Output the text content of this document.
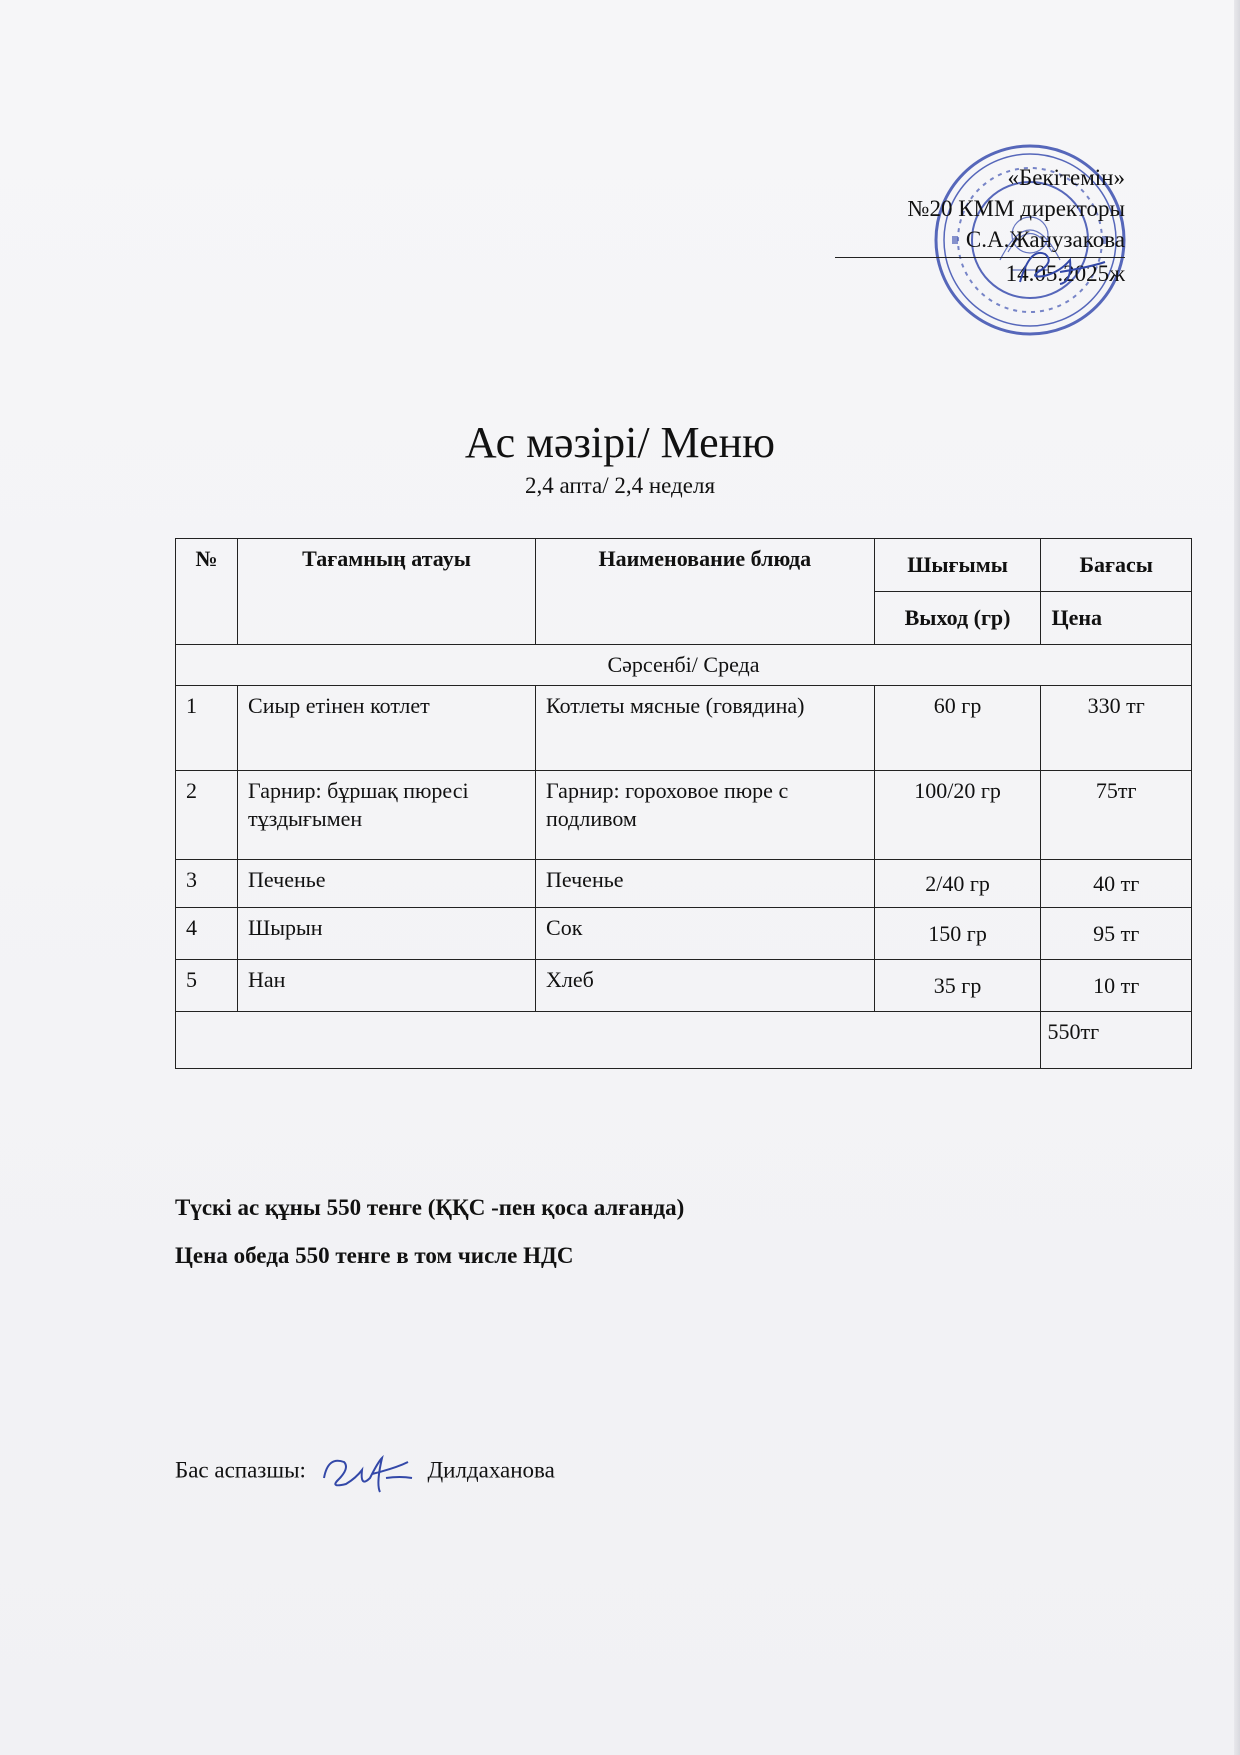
«Бекітемін»
№20 КММ директоры
С.А.Жанузакова
14.05.2025ж
Ас мәзірі/ Меню
2,4 апта/ 2,4 неделя
№	Тағамның атауы	Наименование блюда	Шығымы	Бағасы
			Выход (гр)	Цена
Сәрсенбі/ Среда				
1	Сиыр етінен котлет	Котлеты мясные (говядина)	60 гр	330 тг
2	Гарнир: бұршақ пюресі тұздығымен	Гарнир: гороховое пюре с подливом	100/20 гр	75тг
3	Печенье	Печенье	2/40 гр	40 тг
4	Шырын	Сок	150 гр	95 тг
5	Нан	Хлеб	35 гр	10 тг
				550тг
Түскі ас құны 550 тенге (ҚҚС -пен қоса алғанда)
Цена обеда 550 тенге в том числе НДС
Бас аспазшы:	Дилдаханова
